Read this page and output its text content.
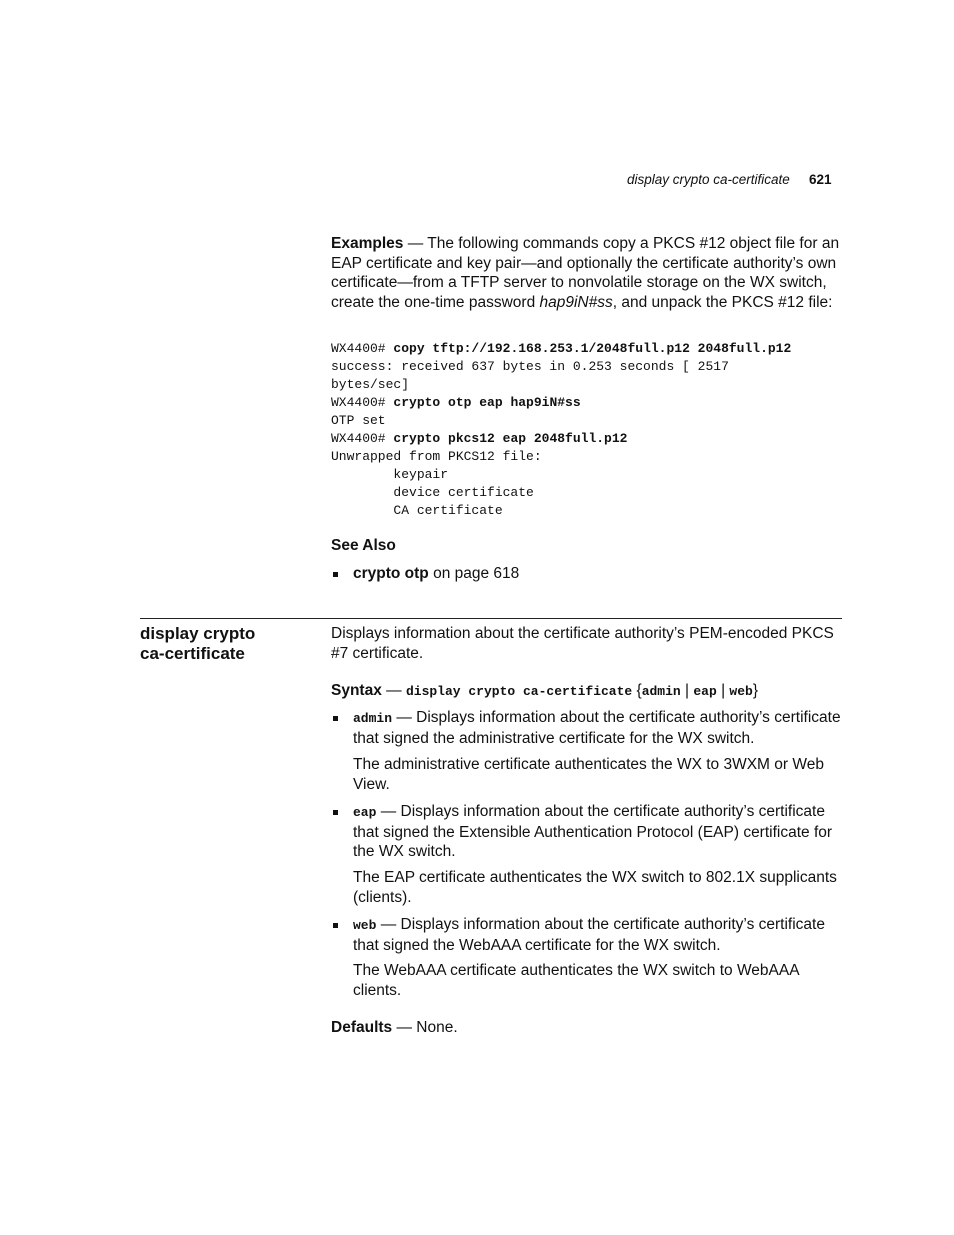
display crypto ca-certificate 621
Examples — The following commands copy a PKCS #12 object file for an EAP certificate and key pair—and optionally the certificate authority’s own certificate—from a TFTP server to nonvolatile storage on the WX switch, create the one-time password hap9iN#ss, and unpack the PKCS #12 file:
WX4400# copy tftp://192.168.253.1/2048full.p12 2048full.p12
success: received 637 bytes in 0.253 seconds [ 2517
bytes/sec]
WX4400# crypto otp eap hap9iN#ss
OTP set
WX4400# crypto pkcs12 eap 2048full.p12
Unwrapped from PKCS12 file:
keypair
device certificate
CA certificate
See Also
crypto otp on page 618
display crypto
ca-certificate
Displays information about the certificate authority’s PEM-encoded PKCS #7 certificate.
Syntax — display crypto ca-certificate {admin | eap | web}
admin — Displays information about the certificate authority’s certificate that signed the administrative certificate for the WX switch.
The administrative certificate authenticates the WX to 3WXM or Web View.
eap — Displays information about the certificate authority’s certificate that signed the Extensible Authentication Protocol (EAP) certificate for the WX switch.
The EAP certificate authenticates the WX switch to 802.1X supplicants (clients).
web — Displays information about the certificate authority’s certificate that signed the WebAAA certificate for the WX switch.
The WebAAA certificate authenticates the WX switch to WebAAA clients.
Defaults — None.
